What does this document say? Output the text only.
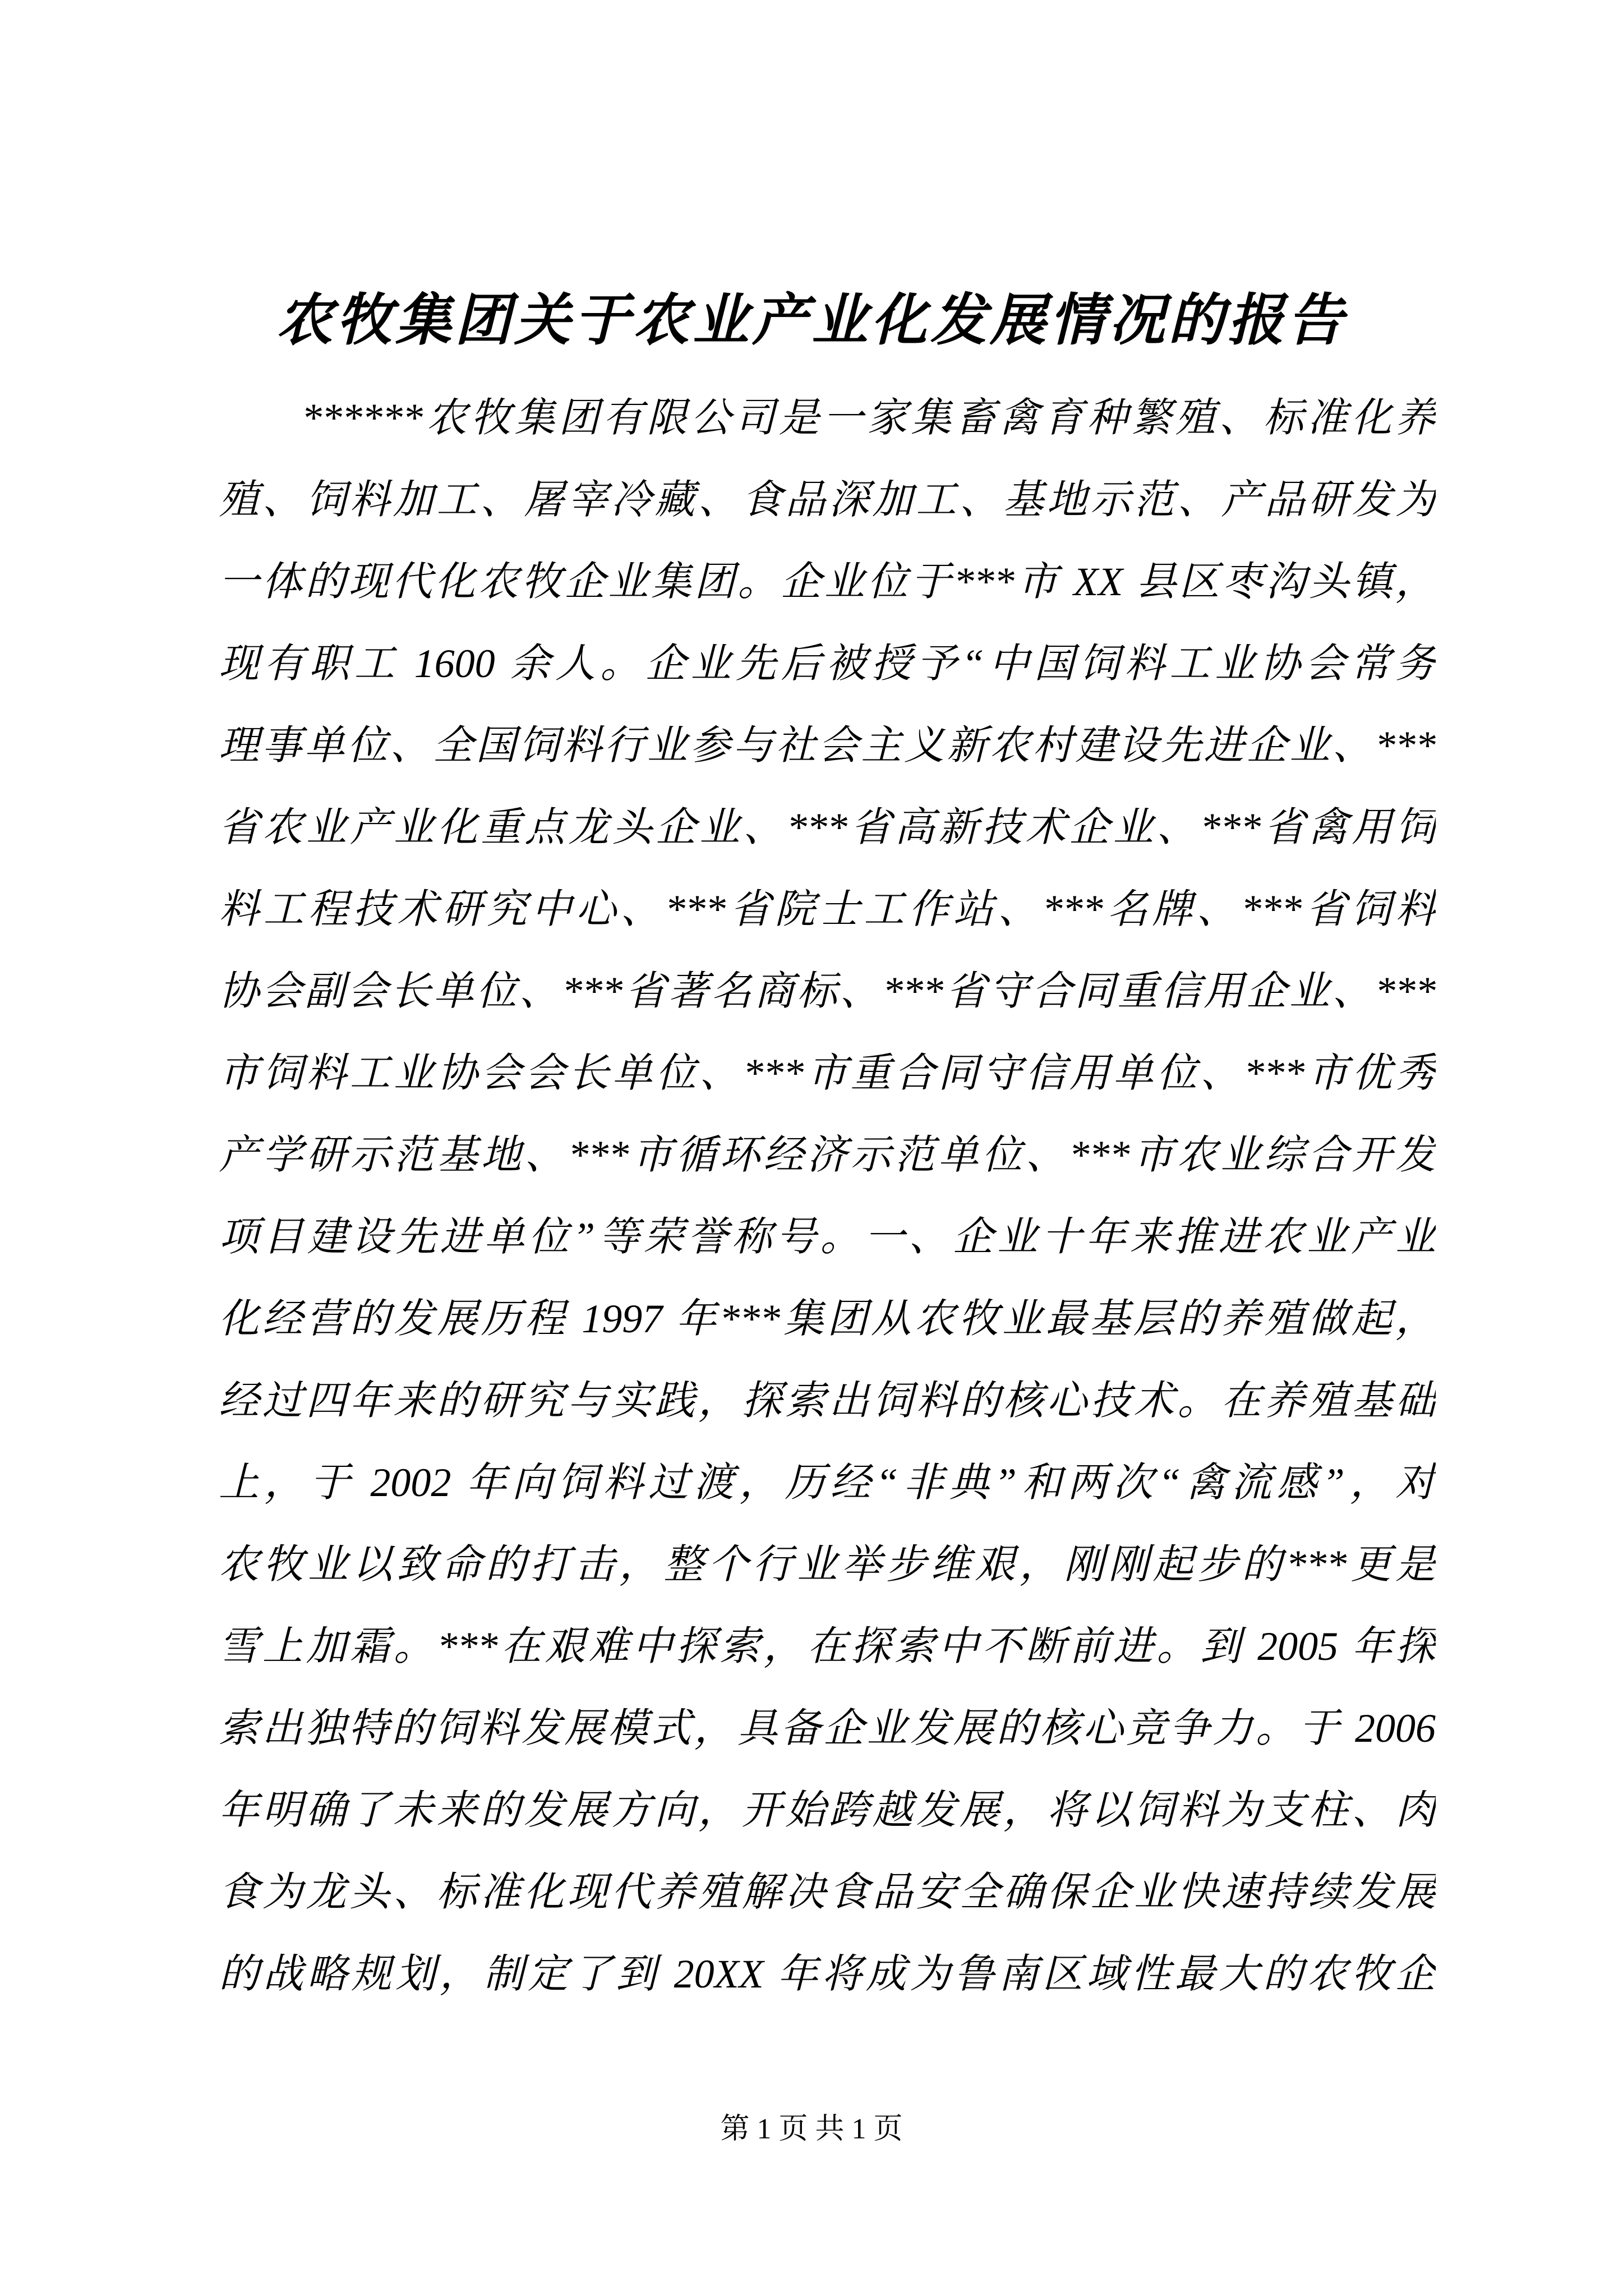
农牧集团关于农业产业化发展情况的报告
******农牧集团有限公司是一家集畜禽育种繁殖、标准化养
殖、饲料加工、屠宰冷藏、食品深加工、基地示范、产品研发为
一体的现代化农牧企业集团。企业位于***市 XX 县区枣沟头镇，
现有职工 1600 余人。企业先后被授予“中国饲料工业协会常务
理事单位、全国饲料行业参与社会主义新农村建设先进企业、***
省农业产业化重点龙头企业、***省高新技术企业、***省禽用饲
料工程技术研究中心、***省院士工作站、***名牌、***省饲料
协会副会长单位、***省著名商标、***省守合同重信用企业、***
市饲料工业协会会长单位、***市重合同守信用单位、***市优秀
产学研示范基地、***市循环经济示范单位、***市农业综合开发
项目建设先进单位”等荣誉称号。一、企业十年来推进农业产业
化经营的发展历程 1997 年***集团从农牧业最基层的养殖做起，
经过四年来的研究与实践，探索出饲料的核心技术。在养殖基础
上，于 2002 年向饲料过渡，历经“非典”和两次“禽流感”，对
农牧业以致命的打击，整个行业举步维艰，刚刚起步的***更是
雪上加霜。***在艰难中探索，在探索中不断前进。到 2005 年探
索出独特的饲料发展模式，具备企业发展的核心竞争力。于 2006
年明确了未来的发展方向，开始跨越发展，将以饲料为支柱、肉
食为龙头、标准化现代养殖解决食品安全确保企业快速持续发展
的战略规划，制定了到 20XX 年将成为鲁南区域性最大的农牧企
第 1 页 共 1 页
